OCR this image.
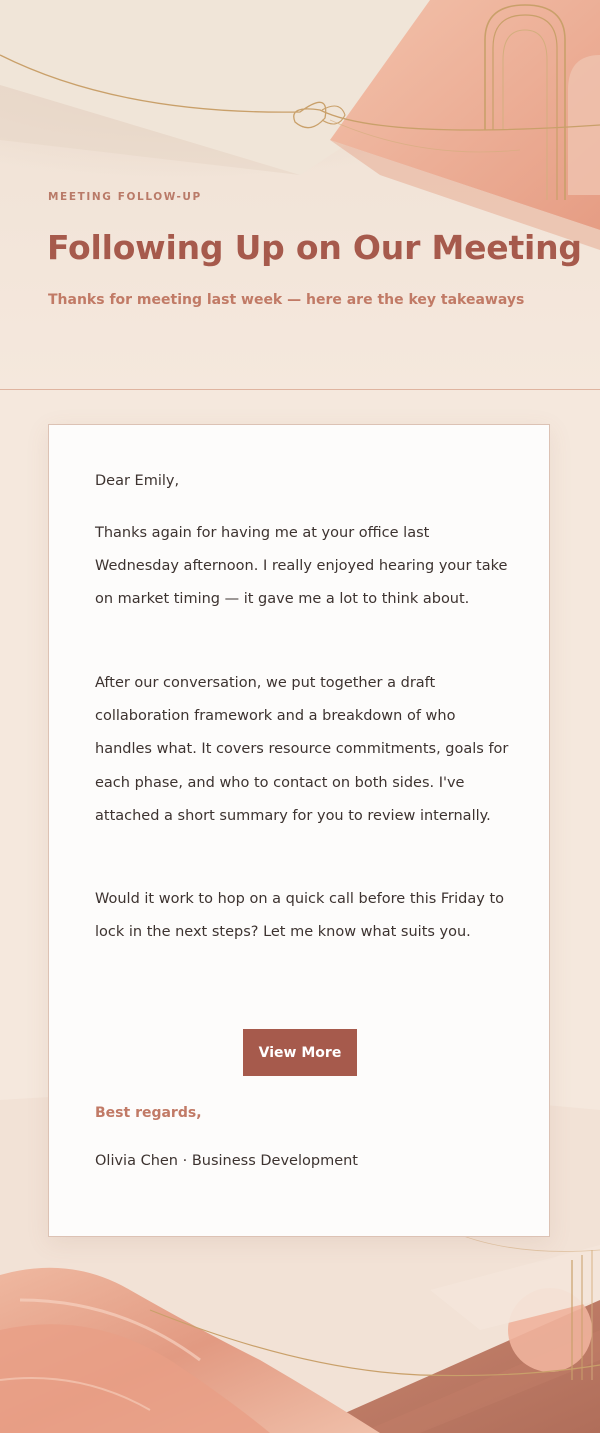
MEETING FOLLOW-UP
Following Up on Our Meeting
Thanks for meeting last week — here are the key takeaways
Dear Emily,

Thanks again for having me at your office last Wednesday afternoon. I really enjoyed hearing your take on market timing — it gave me a lot to think about.

After our conversation, we put together a draft collaboration framework and a breakdown of who handles what. It covers resource commitments, goals for each phase, and who to contact on both sides. I've attached a short summary for you to review internally.

Would it work to hop on a quick call before this Friday to lock in the next steps? Let me know what suits you.

View More
Best regards,
Olivia Chen · Business Development
